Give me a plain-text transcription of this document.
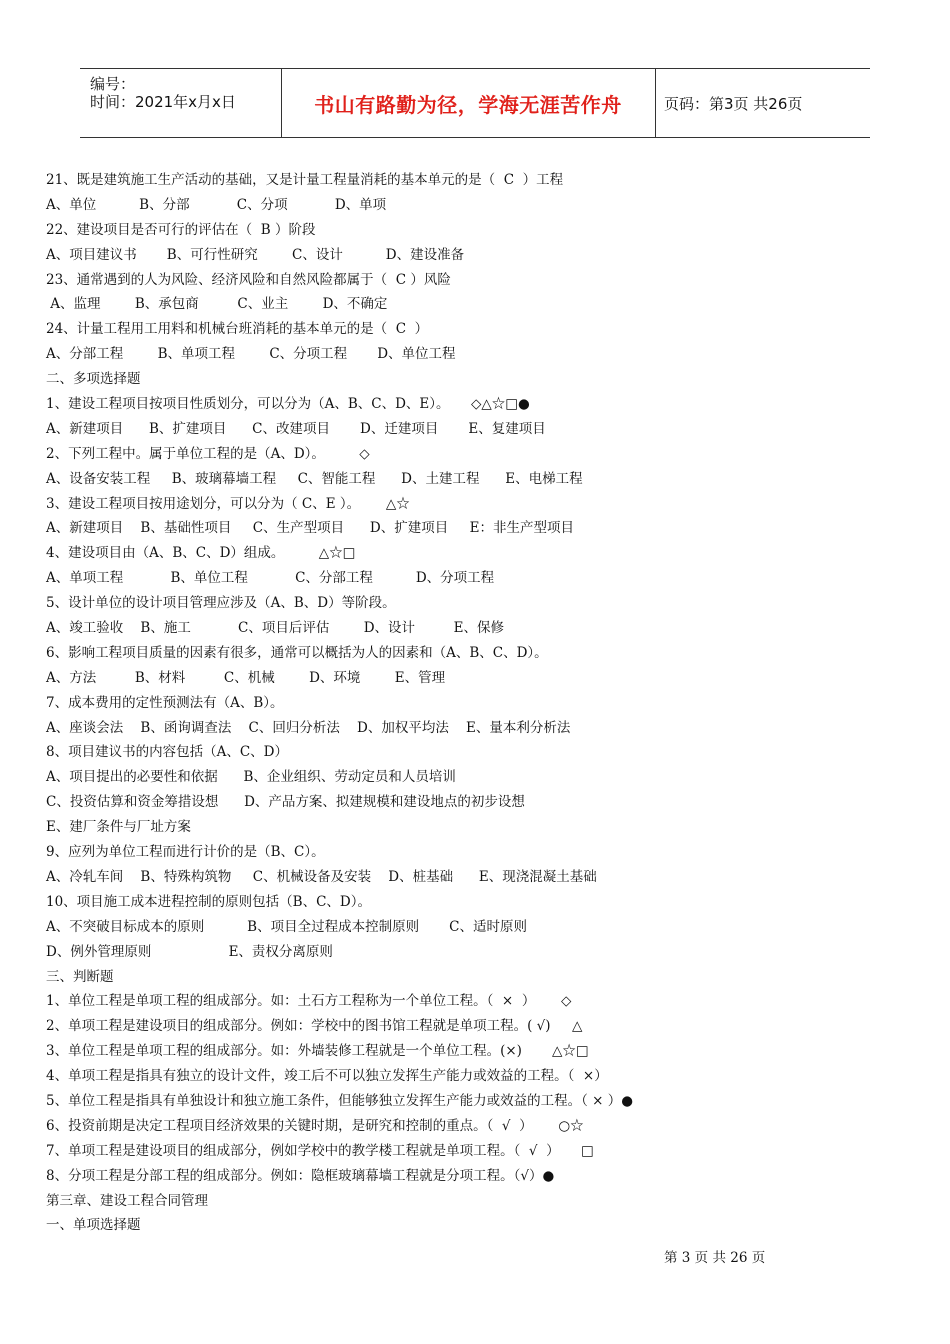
编号：
时间：2021年x月x日	书山有路勤为径，学海无涯苦作舟	页码：第3页 共26页
21、既是建筑施工生产活动的基础，又是计量工程量消耗的基本单元的是（  C  ）工程
A、单位          B、分部           C、分项           D、单项
22、建设项目是否可行的评估在（  B ）阶段
A、项目建议书       B、可行性研究        C、设计          D、建设准备
23、通常遇到的人为风险、经济风险和自然风险都属于（  C ）风险
A、监理        B、承包商         C、业主        D、不确定
24、计量工程用工用料和机械台班消耗的基本单元的是（  C  ）
A、分部工程        B、单项工程        C、分项工程       D、单位工程
二、多项选择题
1、建设工程项目按项目性质划分，可以分为（A、B、C、D、E）。     ◇△☆□●
A、新建项目      B、扩建项目      C、改建项目       D、迁建项目       E、复建项目
2、下列工程中。属于单位工程的是（A、D）。        ◇
A、设备安装工程     B、玻璃幕墙工程     C、智能工程      D、土建工程      E、电梯工程
3、建设工程项目按用途划分，可以分为（ C、E ）。      △☆
A、新建项目    B、基础性项目     C、生产型项目      D、扩建项目     E：非生产型项目
4、建设项目由（A、B、C、D）组成。        △☆□
A、单项工程           B、单位工程           C、分部工程          D、分项工程
5、设计单位的设计项目管理应涉及（A、B、D）等阶段。
A、竣工验收    B、施工           C、项目后评估        D、设计         E、保修
6、影响工程项目质量的因素有很多，通常可以概括为人的因素和（A、B、C、D）。
A、方法         B、材料         C、机械        D、环境        E、管理
7、成本费用的定性预测法有（A、B）。
A、座谈会法    B、函询调查法    C、回归分析法    D、加权平均法    E、量本利分析法
8、项目建议书的内容包括（A、C、D）
A、项目提出的必要性和依据      B、企业组织、劳动定员和人员培训
C、投资估算和资金筹措设想      D、产品方案、拟建规模和建设地点的初步设想
E、建厂条件与厂址方案
9、应列为单位工程而进行计价的是（B、C）。
A、冷轧车间    B、特殊构筑物     C、机械设备及安装    D、桩基础      E、现浇混凝土基础
10、项目施工成本进程控制的原则包括（B、C、D）。
A、不突破目标成本的原则          B、项目全过程成本控制原则       C、适时原则
D、例外管理原则                  E、责权分离原则
三、判断题
1、单位工程是单项工程的组成部分。如：土石方工程称为一个单位工程。（  ×  ）      ◇
2、单项工程是建设项目的组成部分。例如：学校中的图书馆工程就是单项工程。( √)     △
3、单位工程是单项工程的组成部分。如：外墙装修工程就是一个单位工程。(×)       △☆□
4、单项工程是指具有独立的设计文件，竣工后不可以独立发挥生产能力或效益的工程。（  ×）
5、单位工程是指具有单独设计和独立施工条件，但能够独立发挥生产能力或效益的工程。（ × ）●
6、投资前期是决定工程项目经济效果的关键时期，是研究和控制的重点。（  √  ）      ○☆
7、单项工程是建设项目的组成部分，例如学校中的教学楼工程就是单项工程。（  √  ）     □
8、分项工程是分部工程的组成部分。例如：隐框玻璃幕墙工程就是分项工程。（√）●
第三章、建设工程合同管理
一、单项选择题
第 3 页 共 26 页
